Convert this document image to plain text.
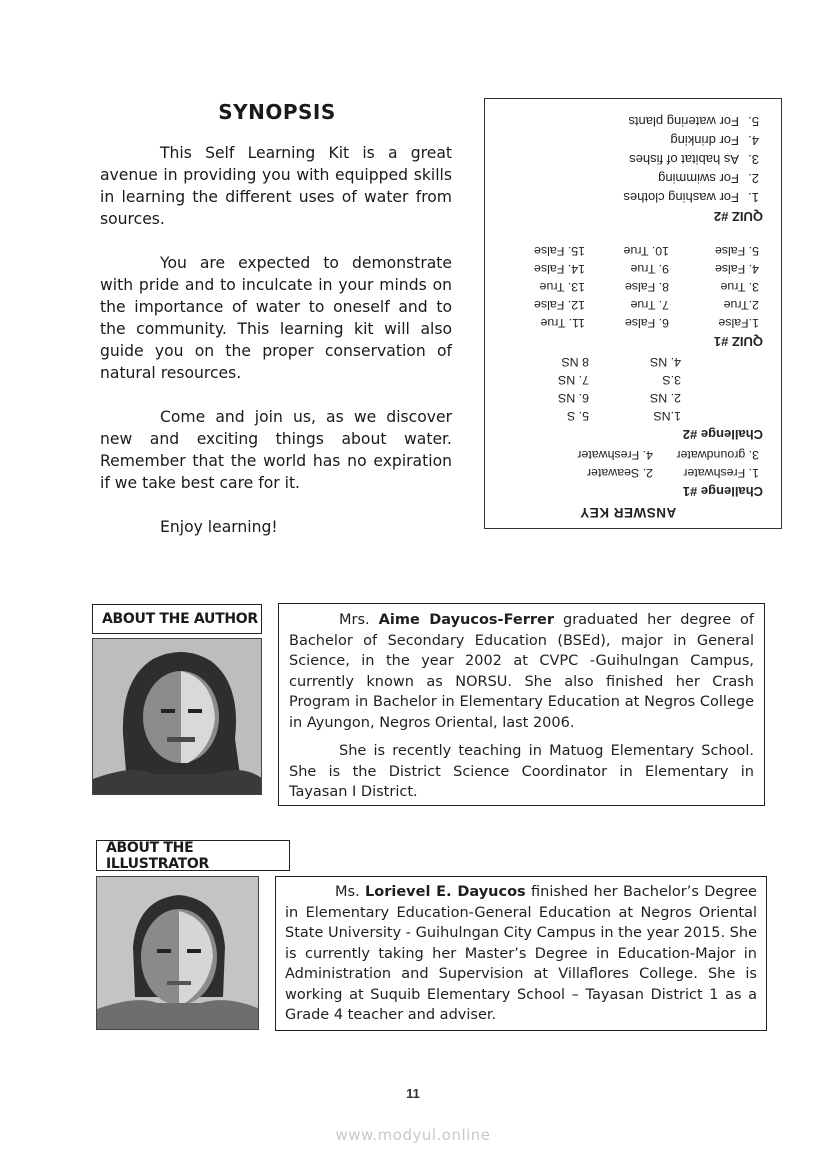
SYNOPSIS

This Self Learning Kit is a great avenue in providing you with equipped skills in learning the different uses of water from sources.

You are expected to demonstrate with pride and to inculcate in your minds on the importance of water to oneself and to the community. This learning kit will also guide you on the proper conservation of natural resources.

Come and join us, as we discover new and exciting things about water. Remember that the world has no expiration if we take best care for it.

Enjoy learning!

ANSWER KEY
Challenge #1
1. Freshwater
2. Seawater
3. groundwater
4. Freshwater
Challenge #2
1.NS
5. S
2. NS
6. NS
3.S
7. NS
4. NS
8 NS
QUIZ #1
1.False
6. False
11. True
2.True
7. True
12. False
3. True
8. False
13. True
4. False
9. True
14. False
5. False
10. True
15. False
QUIZ #2
1.
For washing clothes
2.
For swimming
3.
As habitat of fishes
4.
For drinking
5.
For watering plants
ABOUT THE AUTHOR	Mrs. Aime Dayucos-Ferrer graduated her degree of Bachelor of Secondary Education (BSEd), major in General Science, in the year 2002 at CVPC -Guihulngan Campus, currently known as NORSU. She also finished her Crash Program in Bachelor in Elementary Education at Negros College in Ayungon, Negros Oriental, last 2006.

She is recently teaching in Matuog Elementary School. She is the District Science Coordinator in Elementary in Tayasan I District.

ABOUT THE ILLUSTRATOR

Ms. Lorievel E. Dayucos finished her Bachelor’s Degree in Elementary Education-General Education at Negros Oriental State University - Guihulngan City Campus in the year 2015. She is currently taking her Master’s Degree in Education-Major in Administration and Supervision at Villaflores College. She is working at Suquib Elementary School – Tayasan District 1 as a Grade 4 teacher and adviser.

11
www.modyul.online
